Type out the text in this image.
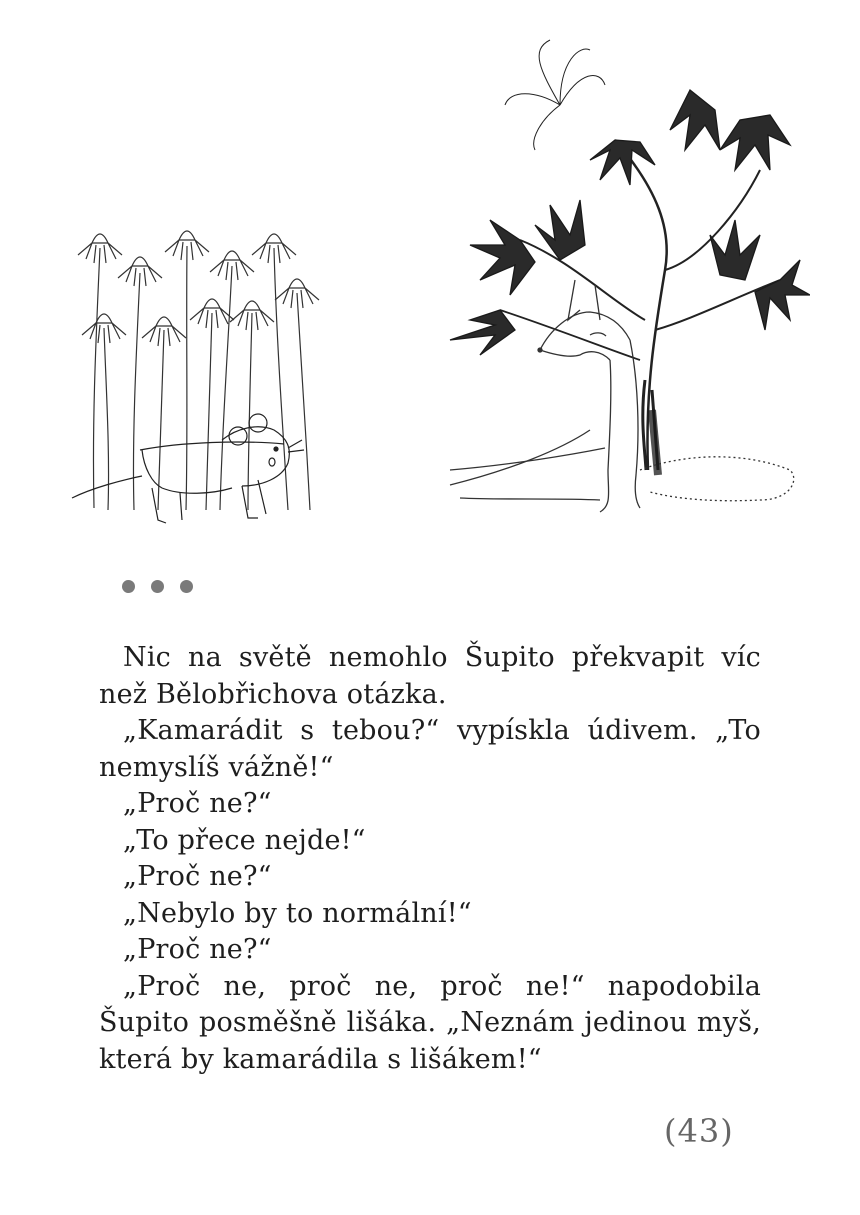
Nic na světě nemohlo Šupito překvapit víc než Bělobřichova otázka.

„Kamarádit s tebou?“ vypískla údivem. „To nemyslíš vážně!“

„Proč ne?“

„To přece nejde!“

„Proč ne?“

„Nebylo by to normální!“

„Proč ne?“

„Proč ne, proč ne, proč ne!“ napodobila Šupito posměšně lišáka. „Neznám jedinou myš, která by kamarádila s lišákem!“

(43)
